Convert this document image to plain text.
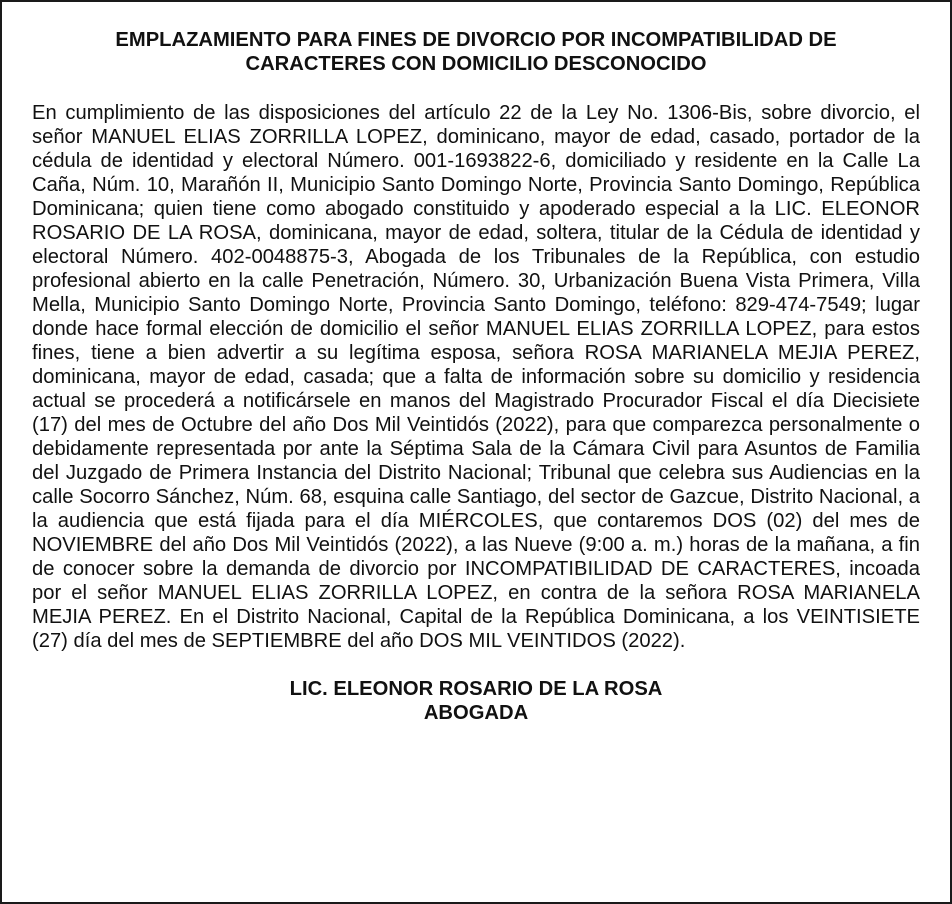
EMPLAZAMIENTO PARA FINES DE DIVORCIO POR INCOMPATIBILIDAD DE
CARACTERES CON DOMICILIO DESCONOCIDO

En cumplimiento de las disposiciones del artículo 22 de la Ley No. 1306-Bis, sobre divorcio, el señor MANUEL ELIAS ZORRILLA LOPEZ, dominicano, mayor de edad, casado, portador de la cédula de identidad y electoral Número. 001-1693822-6, domiciliado y residente en la Calle La Caña, Núm. 10, Marañón II, Municipio Santo Domingo Norte, Provincia Santo Domingo, República Dominicana; quien tiene como abogado constituido y apoderado especial a la LIC. ELEONOR ROSARIO DE LA ROSA, dominicana, mayor de edad, soltera, titular de la Cédula de identidad y electoral Número. 402-0048875-3, Abogada de los Tribunales de la República, con estudio profesional abierto en la calle Penetración, Número. 30, Urbanización Buena Vista Primera, Villa Mella, Municipio Santo Domingo Norte, Provincia Santo Domingo, teléfono: 829-474-7549; lugar donde hace formal elección de domicilio el señor MANUEL ELIAS ZORRILLA LOPEZ, para estos fines, tiene a bien advertir a su legítima esposa, señora ROSA MARIANELA MEJIA PEREZ, dominicana, mayor de edad, casada; que a falta de información sobre su domicilio y residencia actual se procederá a notificársele en manos del Magistrado Procurador Fiscal el día Diecisiete (17) del mes de Octubre del año Dos Mil Veintidós (2022), para que comparezca personalmente o debidamente representada por ante la Séptima Sala de la Cámara Civil para Asuntos de Familia del Juzgado de Primera Instancia del Distrito Nacional; Tribunal que celebra sus Audiencias en la calle Socorro Sánchez, Núm. 68, esquina calle Santiago, del sector de Gazcue, Distrito Nacional, a la audiencia que está fijada para el día MIÉRCOLES, que contaremos DOS (02) del mes de NOVIEMBRE del año Dos Mil Veintidós (2022), a las Nueve (9:00 a. m.) horas de la mañana, a fin de conocer sobre la demanda de divorcio por INCOMPATIBILIDAD DE CARACTERES, incoada por el señor MANUEL ELIAS ZORRILLA LOPEZ, en contra de la señora ROSA MARIANELA MEJIA PEREZ. En el Distrito Nacional, Capital de la República Dominicana, a los VEINTISIETE (27) día del mes de SEPTIEMBRE del año DOS MIL VEINTIDOS (2022).

LIC. ELEONOR ROSARIO DE LA ROSA
ABOGADA
